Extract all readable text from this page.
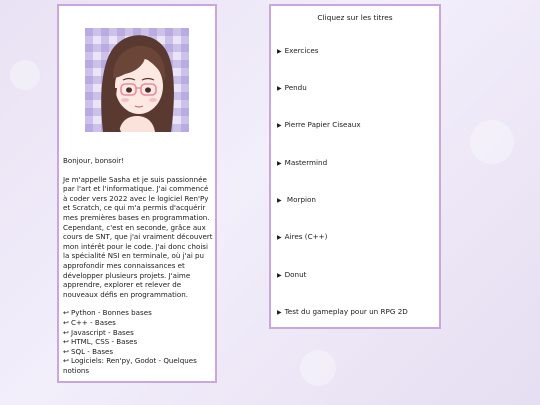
Bonjour, bonsoir!

Je m'appelle Sasha et je suis passionnée par l'art et l'informatique. J'ai commencé à coder vers 2022 avec le logiciel Ren'Py et Scratch, ce qui m'a permis d'acquérir mes premières bases en programmation. Cependant, c'est en seconde, grâce aux cours de SNT, que j'ai vraiment découvert mon intérêt pour le code. J'ai donc choisi la spécialité NSI en terminale, où j'ai pu approfondir mes connaissances et développer plusieurs projets. J'aime apprendre, explorer et relever de nouveaux défis en programmation.

↩ Python - Bonnes bases
↩ C++ - Bases
↩ Javascript - Bases
↩ HTML, CSS - Bases
↩ SQL - Bases
↩ Logiciels: Ren'py, Godot - Quelques notions
Cliquez sur les titres
▶ Exercices
▶ Pendu
▶ Pierre Papier Ciseaux
▶ Mastermind
▶ Morpion
▶ Aires (C++)
▶ Donut
▶ Test du gameplay pour un RPG 2D
